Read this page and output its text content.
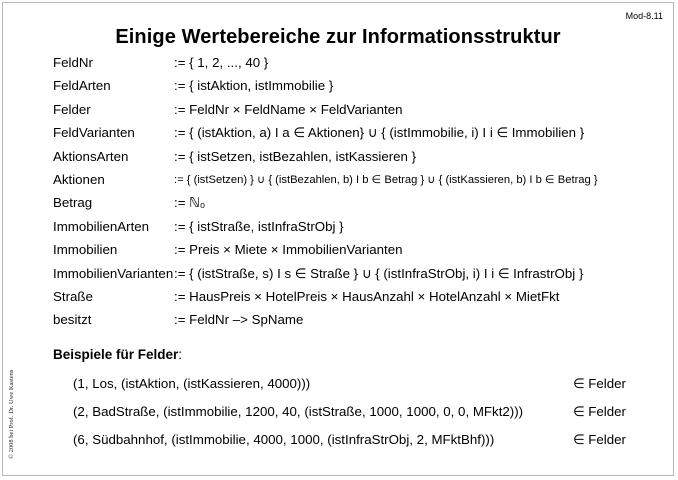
Mod-8.11
Einige Wertebereiche zur Informationsstruktur
FeldNr	:= { 1, 2, ..., 40 }
FeldArten	:= { istAktion, istImmobilie }
Felder	:= FeldNr × FeldName × FeldVarianten
FeldVarianten	:= { (istAktion, a) I a ∈ Aktionen} ∪ { (istImmobilie, i) I i ∈ Immobilien }
AktionsArten	:= { istSetzen, istBezahlen, istKassieren }
Aktionen	:= { (istSetzen) } ∪ { (istBezahlen, b) I b ∈ Betrag } ∪ { (istKassieren, b) I b ∈ Betrag }
Betrag	:= ℕ₀
ImmobilienArten := { istStraße, istInfraStrObj }
Immobilien	:= Preis × Miete × ImmobilienVarianten
ImmobilienVarianten := { (istStraße, s) I s ∈ Straße } ∪ { (istInfraStrObj, i) I i ∈ InfrastrObj }
Straße	:= HausPreis × HotelPreis × HausAnzahl × HotelAnzahl × MietFkt
besitzt	:= FeldNr –> SpName
Beispiele für Felder:
(1, Los, (istAktion, (istKassieren, 4000)))	∈ Felder
(2, BadStraße, (istImmobilie, 1200, 40, (istStraße, 1000, 1000, 0, 0, MFkt2)))	∈ Felder
(6, Südbahnhof, (istImmobilie, 4000, 1000, (istInfraStrObj, 2, MFktBhf)))	∈ Felder
© 2008 bei Prof. Dr. Uwe Kastens
